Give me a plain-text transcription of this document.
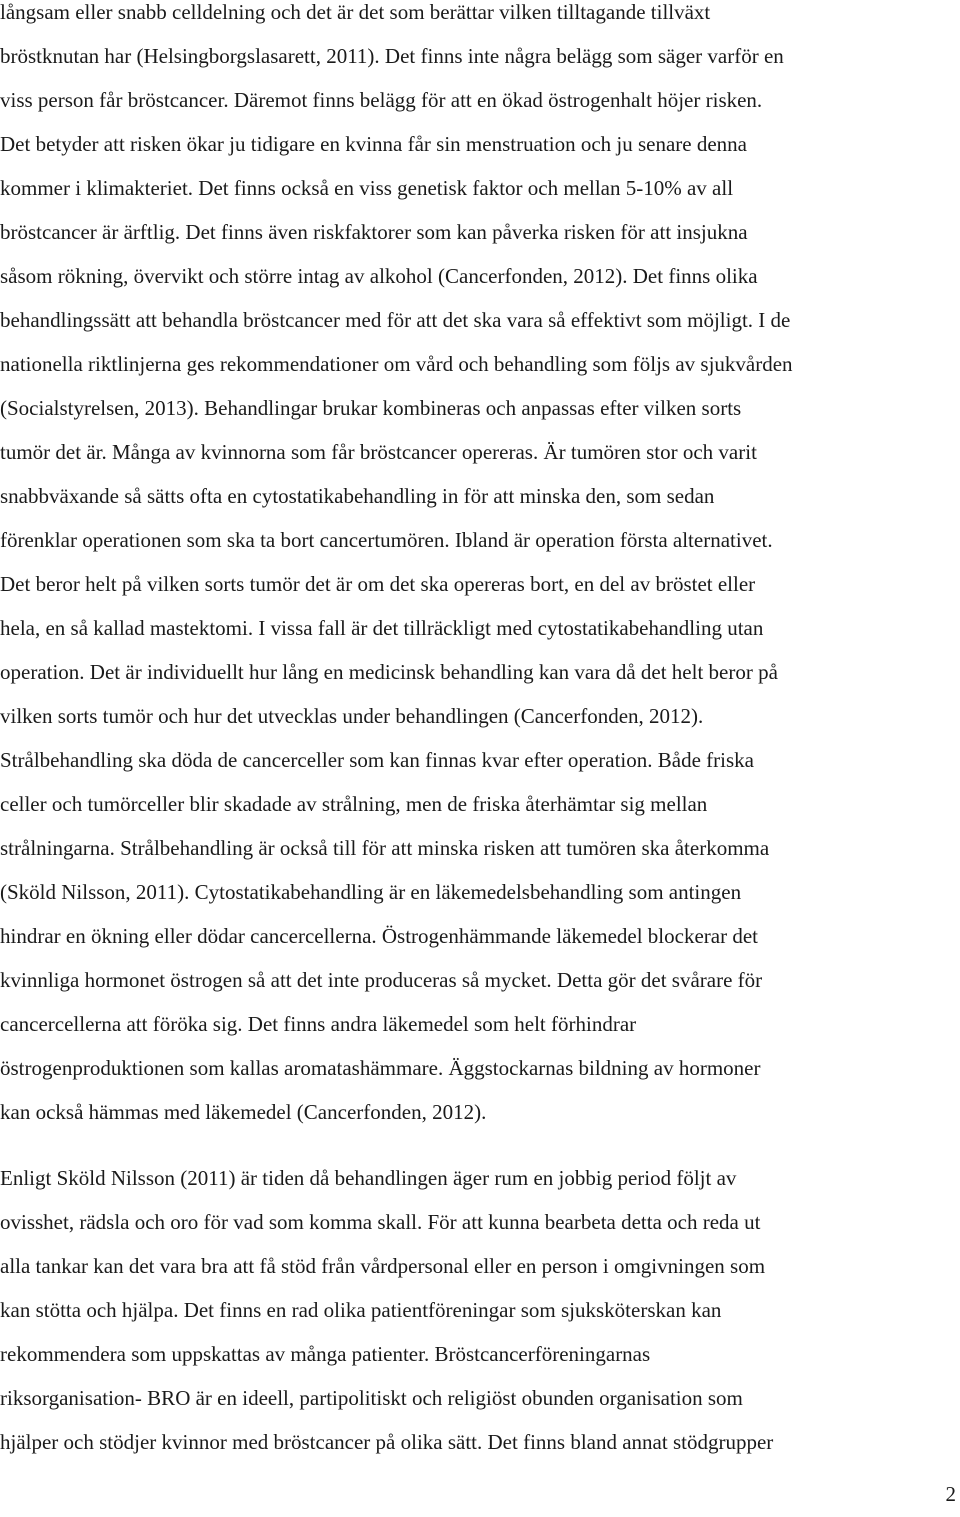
långsam eller snabb celldelning och det är det som berättar vilken tilltagande tillväxt
bröstknutan har (Helsingborgslasarett, 2011). Det finns inte några belägg som säger varför en
viss person får bröstcancer. Däremot finns belägg för att en ökad östrogenhalt höjer risken.
Det betyder att risken ökar ju tidigare en kvinna får sin menstruation och ju senare denna
kommer i klimakteriet. Det finns också en viss genetisk faktor och mellan 5-10% av all
bröstcancer är ärftlig. Det finns även riskfaktorer som kan påverka risken för att insjukna
såsom rökning, övervikt och större intag av alkohol (Cancerfonden, 2012). Det finns olika
behandlingssätt att behandla bröstcancer med för att det ska vara så effektivt som möjligt. I de
nationella riktlinjerna ges rekommendationer om vård och behandling som följs av sjukvården
(Socialstyrelsen, 2013). Behandlingar brukar kombineras och anpassas efter vilken sorts
tumör det är. Många av kvinnorna som får bröstcancer opereras. Är tumören stor och varit
snabbväxande så sätts ofta en cytostatikabehandling in för att minska den, som sedan
förenklar operationen som ska ta bort cancertumören. Ibland är operation första alternativet.
Det beror helt på vilken sorts tumör det är om det ska opereras bort, en del av bröstet eller
hela, en så kallad mastektomi. I vissa fall är det tillräckligt med cytostatikabehandling utan
operation. Det är individuellt hur lång en medicinsk behandling kan vara då det helt beror på
vilken sorts tumör och hur det utvecklas under behandlingen (Cancerfonden, 2012).
Strålbehandling ska döda de cancerceller som kan finnas kvar efter operation. Både friska
celler och tumörceller blir skadade av strålning, men de friska återhämtar sig mellan
strålningarna. Strålbehandling är också till för att minska risken att tumören ska återkomma
(Sköld Nilsson, 2011). Cytostatikabehandling är en läkemedelsbehandling som antingen
hindrar en ökning eller dödar cancercellerna. Östrogenhämmande läkemedel blockerar det
kvinnliga hormonet östrogen så att det inte produceras så mycket. Detta gör det svårare för
cancercellerna att föröka sig. Det finns andra läkemedel som helt förhindrar
östrogenproduktionen som kallas aromatashämmare. Äggstockarnas bildning av hormoner
kan också hämmas med läkemedel (Cancerfonden, 2012).
Enligt Sköld Nilsson (2011) är tiden då behandlingen äger rum en jobbig period följt av
ovisshet, rädsla och oro för vad som komma skall. För att kunna bearbeta detta och reda ut
alla tankar kan det vara bra att få stöd från vårdpersonal eller en person i omgivningen som
kan stötta och hjälpa. Det finns en rad olika patientföreningar som sjuksköterskan kan
rekommendera som uppskattas av många patienter. Bröstcancerföreningarnas
riksorganisation- BRO är en ideell, partipolitiskt och religiöst obunden organisation som
hjälper och stödjer kvinnor med bröstcancer på olika sätt. Det finns bland annat stödgrupper
2
